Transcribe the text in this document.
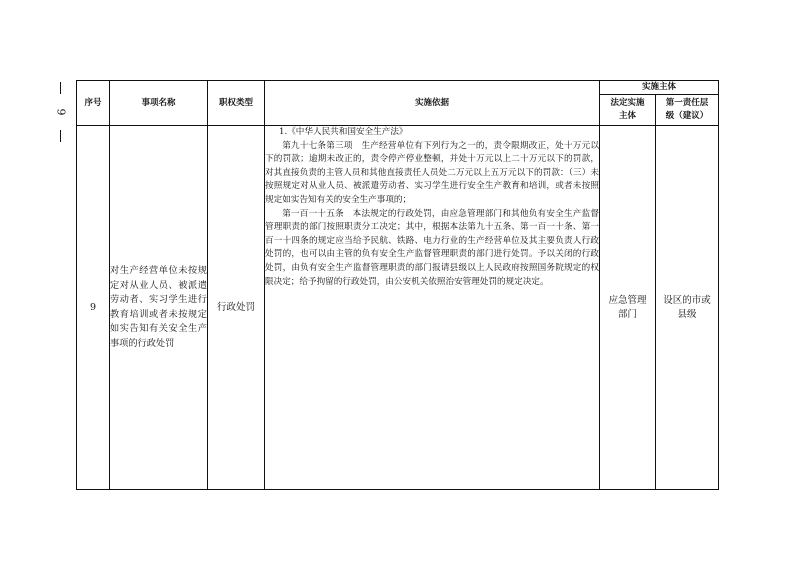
9
序号	事项名称	职权类型	实施依据	实施主体	
				法定实施主体	第一责任层级（建议）
9	对生产经营单位未按规定对从业人员、被派遣劳动者、实习学生进行教育培训或者未按规定如实告知有关安全生产事项的行政处罚	行政处罚	1.《中华人民共和国安全生产法》

第九十七条第三项　生产经营单位有下列行为之一的，责令限期改正，处十万元以下的罚款；逾期未改正的，责令停产停业整顿，并处十万元以上二十万元以下的罚款，对其直接负责的主管人员和其他直接责任人员处二万元以上五万元以下的罚款：（三）未按照规定对从业人员、被派遣劳动者、实习学生进行安全生产教育和培训，或者未按照规定如实告知有关的安全生产事项的；

第一百一十五条　本法规定的行政处罚，由应急管理部门和其他负有安全生产监督管理职责的部门按照职责分工决定；其中，根据本法第九十五条、第一百一十条、第一百一十四条的规定应当给予民航、铁路、电力行业的生产经营单位及其主要负责人行政处罚的，也可以由主管的负有安全生产监督管理职责的部门进行处罚。予以关闭的行政处罚，由负有安全生产监督管理职责的部门报请县级以上人民政府按照国务院规定的权限决定；给予拘留的行政处罚，由公安机关依照治安管理处罚的规定决定。	应急管理部门	设区的市或县级
